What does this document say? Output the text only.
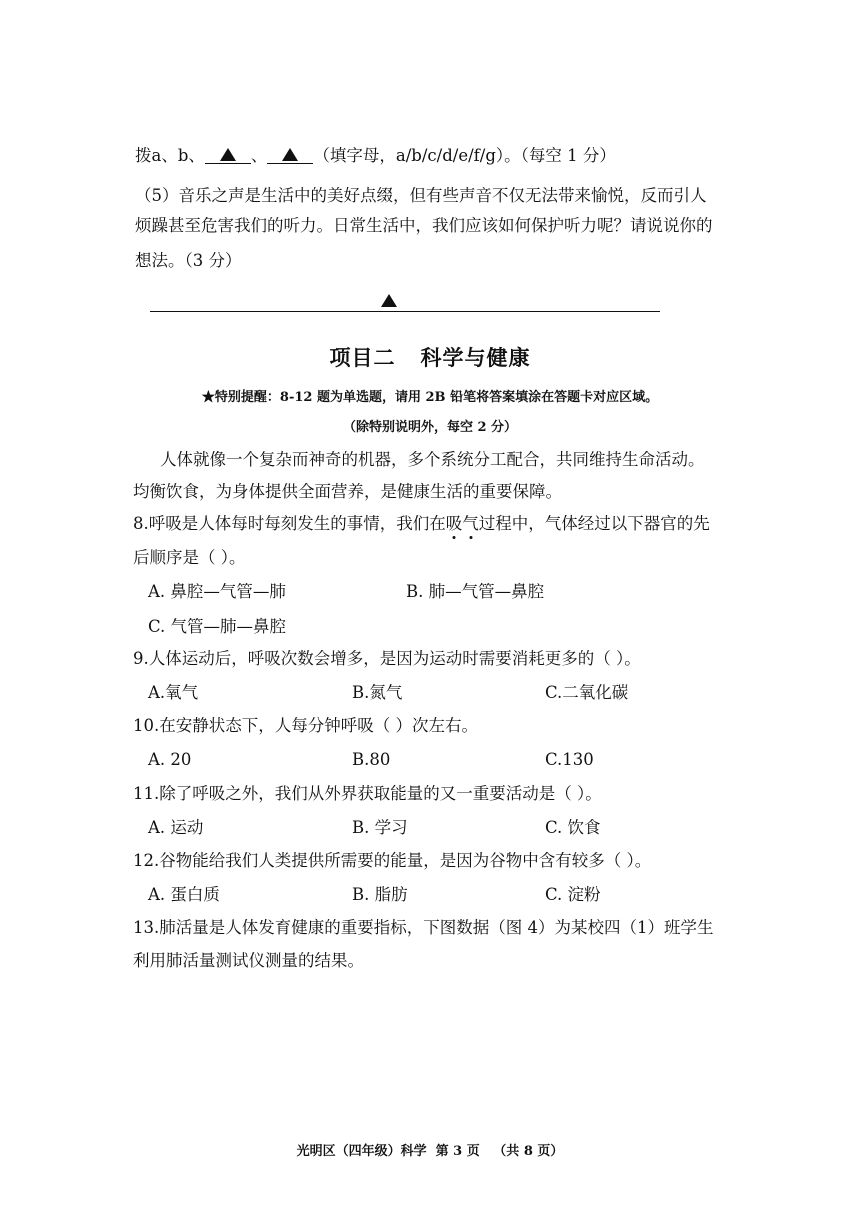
拨a、b、	、	（填字母，a/b/c/d/e/f/g）。（每空 1 分）
（5）音乐之声是生活中的美好点缀，但有些声音不仅无法带来愉悦，反而引人
烦躁甚至危害我们的听力。日常生活中，我们应该如何保护听力呢？请说说你的
想法。（3 分）
项目二   科学与健康
★特别提醒：8-12 题为单选题，请用 2B 铅笔将答案填涂在答题卡对应区域。
（除特别说明外，每空 2 分）
人体就像一个复杂而神奇的机器，多个系统分工配合，共同维持生命活动。
均衡饮食，为身体提供全面营养，是健康生活的重要保障。
8.呼吸是人体每时每刻发生的事情，我们在吸气过程中，气体经过以下器官的先
后顺序是（ ）。
A. 鼻腔—气管—肺	B. 肺—气管—鼻腔
C. 气管—肺—鼻腔
9.人体运动后，呼吸次数会增多，是因为运动时需要消耗更多的（ ）。
A.氧气	B.氮气	C.二氧化碳
10.在安静状态下，人每分钟呼吸（ ）次左右。
A. 20	B.80	C.130
11.除了呼吸之外，我们从外界获取能量的又一重要活动是（ ）。
A. 运动	B. 学习	C. 饮食
12.谷物能给我们人类提供所需要的能量，是因为谷物中含有较多（ ）。
A. 蛋白质	B. 脂肪	C. 淀粉
13.肺活量是人体发育健康的重要指标，下图数据（图 4）为某校四（1）班学生
利用肺活量测试仪测量的结果。
光明区（四年级）科学  第 3 页   （共 8 页）
